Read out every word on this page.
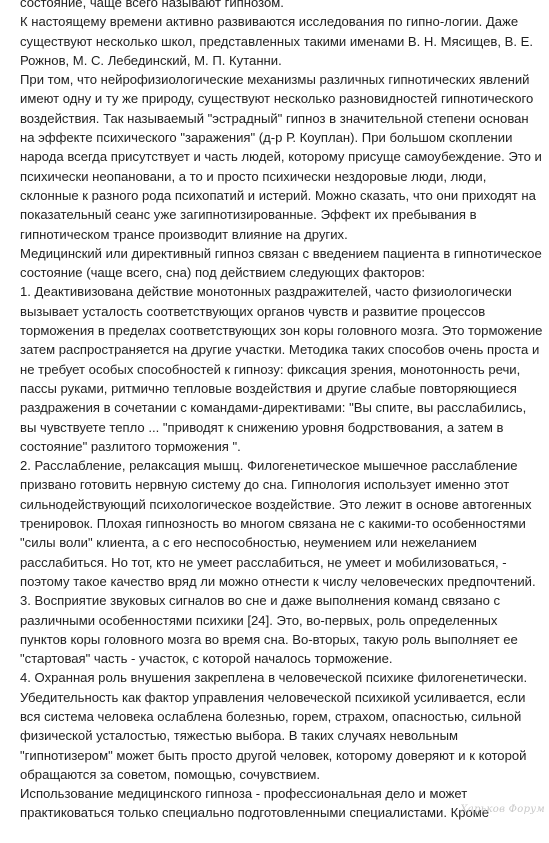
состояние, чаще всего называют гипнозом.

К настоящему времени активно развиваются исследования по гипно-логии. Даже существуют несколько школ, представленных такими именами В. Н. Мясищев, В. Е. Рожнов, М. С. Лебединский, М. П. Кутанни.

При том, что нейрофизиологические механизмы различных гипнотических явлений имеют одну и ту же природу, существуют несколько разновидностей гипнотического воздействия. Так называемый "эстрадный" гипноз в значительной степени основан на эффекте психического "заражения" (д-р Р. Коуплан). При большом скоплении народа всегда присутствует и часть людей, которому присуще самоубеждение. Это и психически неопановани, а то и просто психически нездоровые люди, люди, склонные к разного рода психопатий и истерий. Можно сказать, что они приходят на показательный сеанс уже загипнотизированные. Эффект их пребывания в гипнотическом трансе производит влияние на других.

Медицинский или директивный гипноз связан с введением пациента в гипнотическое состояние (чаще всего, сна) под действием следующих факторов:

1. Деактивизована действие монотонных раздражителей, часто физиологически вызывает усталость соответствующих органов чувств и развитие процессов торможения в пределах соответствующих зон коры головного мозга. Это торможение затем распространяется на другие участки. Методика таких способов очень проста и не требует особых способностей к гипнозу: фиксация зрения, монотонность речи, пассы руками, ритмично тепловые воздействия и другие слабые повторяющиеся раздражения в сочетании с командами-директивами: "Вы спите, вы расслабились, вы чувствуете тепло ... "приводят к снижению уровня бодрствования, а затем в состояние" разлитого торможения ".

2. Расслабление, релаксация мышц. Филогенетическое мышечное расслабление призвано готовить нервную систему до сна. Гипнология использует именно этот сильнодействующий психологическое воздействие. Это лежит в основе автогенных тренировок. Плохая гипнозность во многом связана не с какими-то особенностями "силы воли" клиента, а с его неспособностью, неумением или нежеланием расслабиться. Но тот, кто не умеет расслабиться, не умеет и мобилизоваться, - поэтому такое качество вряд ли можно отнести к числу человеческих предпочтений.

3. Восприятие звуковых сигналов во сне и даже выполнения команд связано с различными особенностями психики [24]. Это, во-первых, роль определенных пунктов коры головного мозга во время сна. Во-вторых, такую роль выполняет ее "стартовая" часть - участок, с которой началось торможение.

4. Охранная роль внушения закреплена в человеческой психике филогенетически. Убедительность как фактор управления человеческой психикой усиливается, если вся система человека ослаблена болезнью, горем, страхом, опасностью, сильной физической усталостью, тяжестью выбора. В таких случаях невольным "гипнотизером" может быть просто другой человек, которому доверяют и к которой обращаются за советом, помощью, сочувствием.

Использование медицинского гипноза - профессиональная дело и может практиковаться только специально подготовленными специалистами. Кроме

Харьков Форум
